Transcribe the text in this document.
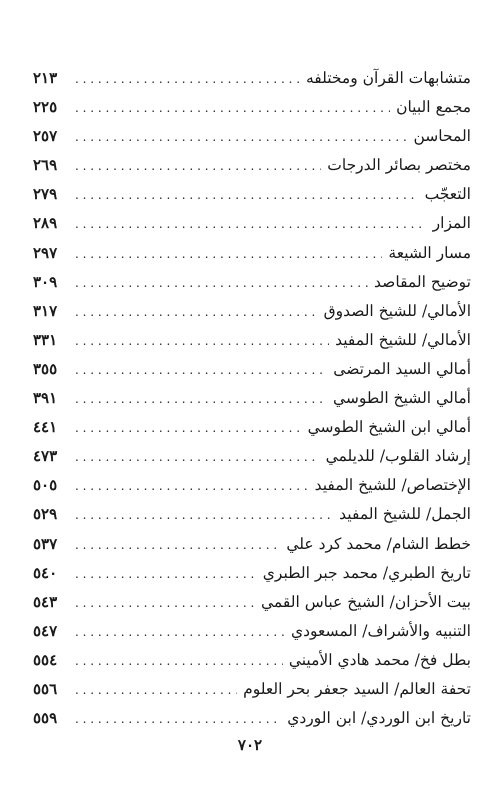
متشابهات القرآن ومختلفه
. . .
٢١٣
مجمع البيان
. . .
٢٢٥
المحاسن
. . .
٢٥٧
مختصر بصائر الدرجات
. . .
٢٦٩
التعجّب
. . .
٢٧٩
المزار
. . .
٢٨٩
مسار الشيعة
. . .
٢٩٧
توضيح المقاصد
. . .
٣٠٩
الأمالي/ للشيخ الصدوق
. . .
٣١٧
الأمالي/ للشيخ المفيد
. . .
٣٣١
أمالي السيد المرتضى
. . .
٣٥٥
أمالي الشيخ الطوسي
. . .
٣٩١
أمالي ابن الشيخ الطوسي
. . .
٤٤١
إرشاد القلوب/ للديلمي
. . .
٤٧٣
الإختصاص/ للشيخ المفيد
. . .
٥٠٥
الجمل/ للشيخ المفيد
. . .
٥٢٩
خطط الشام/ محمد كرد علي
. . .
٥٣٧
تاريخ الطبري/ محمد جبر الطبري
. . .
٥٤٠
بيت الأحزان/ الشيخ عباس القمي
. . .
٥٤٣
التنبيه والأشراف/ المسعودي
. . .
٥٤٧
بطل فخ/ محمد هادي الأميني
. . .
٥٥٤
تحفة العالم/ السيد جعفر بحر العلوم
. . .
٥٥٦
تاريخ ابن الوردي/ ابن الوردي
. . .
٥٥٩
٧٠٢
